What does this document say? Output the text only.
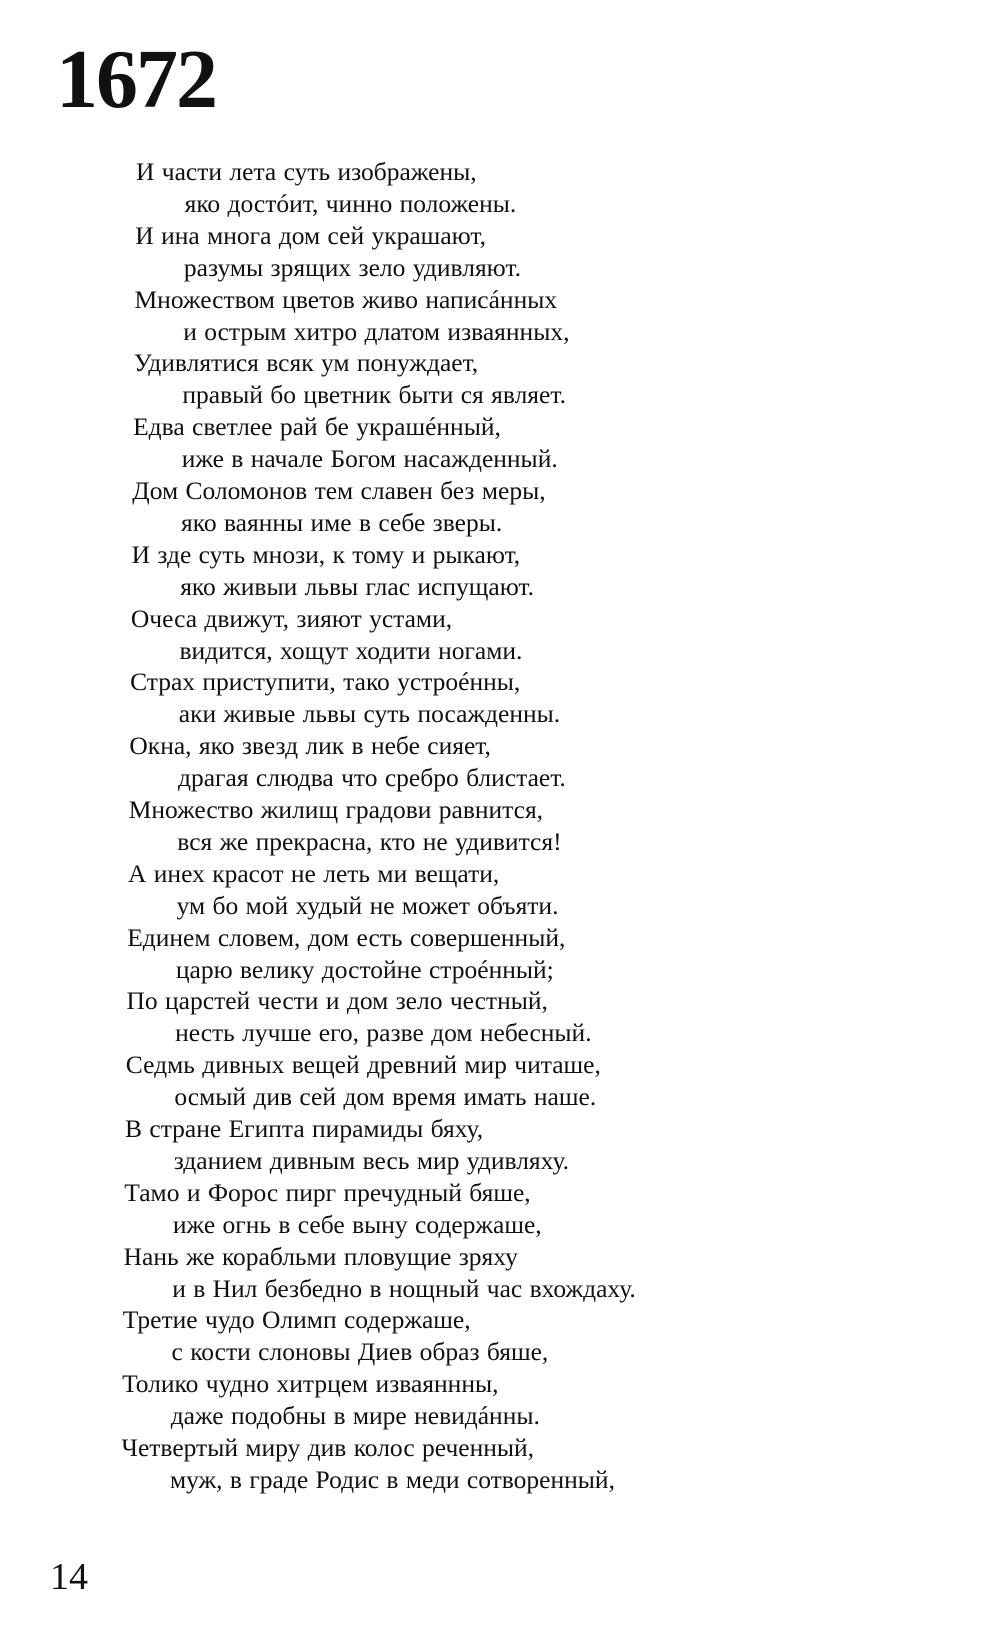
1672
И части лета суть изображены,
яко достóит, чинно положены.
И ина многа дом сей украшают,
разумы зрящих зело удивляют.
Множеством цветов живо написáнных
и острым хитро длатом изваянных,
Удивлятися всяк ум понуждает,
правый бо цветник быти ся являет.
Едва светлее рай бе украшéнный,
иже в начале Богом насажденный.
Дом Соломонов тем славен без меры,
яко ваянны име в себе зверы.
И зде суть мнози, к тому и рыкают,
яко живыи львы глас испущают.
Очеса движут, зияют устами,
видится, хощут ходити ногами.
Страх приступити, тако устроéнны,
аки живые львы суть посажденны.
Окна, яко звезд лик в небе сияет,
драгая слюдва что сребро блистает.
Множество жилищ градови равнится,
вся же прекрасна, кто не удивится!
А инех красот не леть ми вещати,
ум бо мой худый не может объяти.
Единем словем, дом есть совершенный,
царю велику достойне строéнный;
По царстей чести и дом зело честный,
несть лучше его, разве дом небесный.
Седмь дивных вещей древний мир читаше,
осмый див сей дом время имать наше.
В стране Египта пирамиды бяху,
зданием дивным весь мир удивляху.
Тамо и Форос пирг пречудный бяше,
иже огнь в себе выну содержаше,
Нань же корабльми пловущие зряху
и в Нил безбедно в нощный час вхождаху.
Третие чудо Олимп содержаше,
с кости слоновы Диев образ бяше,
Толико чудно хитрцем изваяннны,
даже подобны в мире невидáнны.
Четвертый миру див колос реченный,
муж, в граде Родис в меди сотворенный,
14
